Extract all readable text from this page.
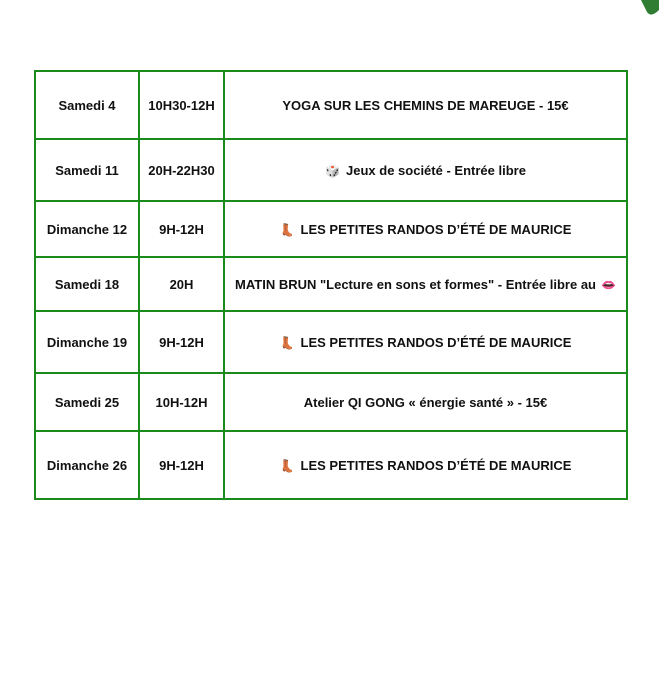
Samedi 4	10H30-12H	YOGA SUR LES CHEMINS DE MAREUGE - 15€
Samedi 11	20H-22H30	🎲 Jeux de société - Entrée libre
Dimanche 12	9H-12H	👢 LES PETITES RANDOS D’ÉTÉ DE MAURICE
Samedi 18	20H	MATIN BRUN "Lecture en sons et formes" - Entrée libre au 👄
Dimanche 19	9H-12H	👢 LES PETITES RANDOS D’ÉTÉ DE MAURICE
Samedi 25	10H-12H	Atelier QI GONG « énergie santé » - 15€
Dimanche 26	9H-12H	👢 LES PETITES RANDOS D’ÉTÉ DE MAURICE
